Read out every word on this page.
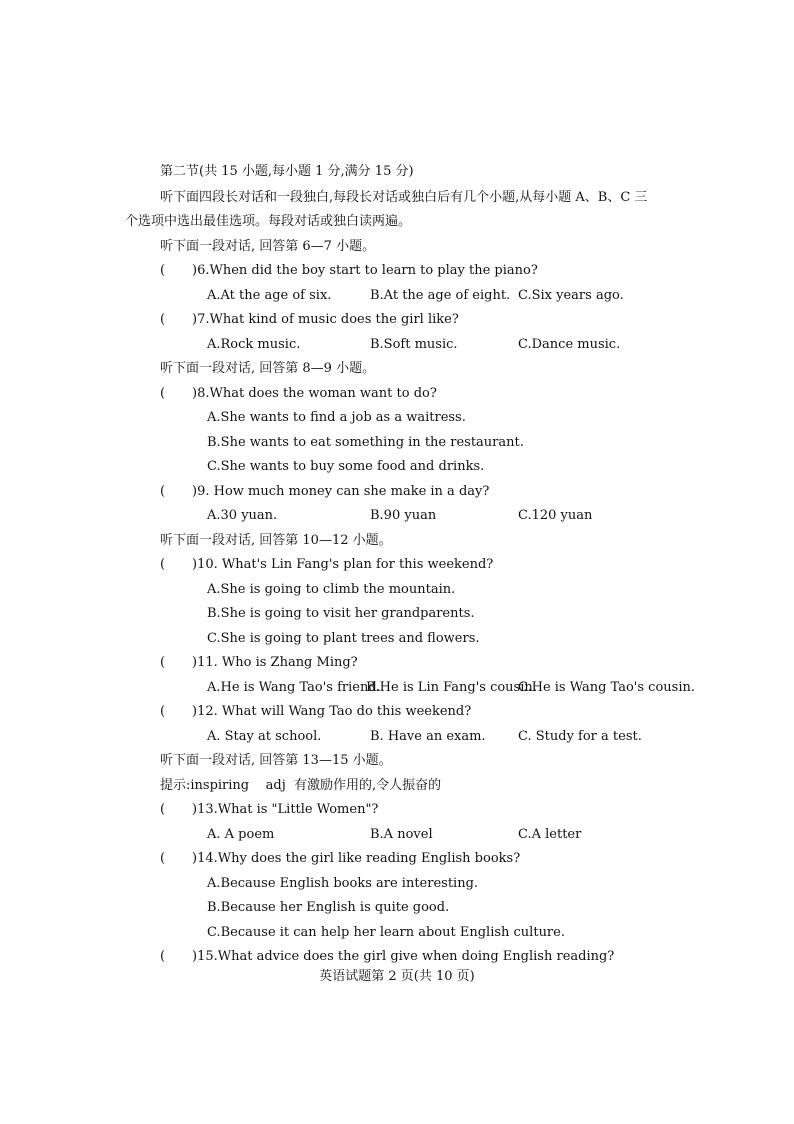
第二节(共 15 小题,每小题 1 分,满分 15 分)
听下面四段长对话和一段独白,每段长对话或独白后有几个小题,从每小题 A、B、C 三
个选项中选出最佳选项。每段对话或独白读两遍。
听下面一段对话, 回答第 6—7 小题。
( )6.When did the boy start to learn to play the piano?
A.At the age of six.	B.At the age of eight. C.Six years ago.
( )7.What kind of music does the girl like?
A.Rock music.	B.Soft music.	C.Dance music.
听下面一段对话, 回答第 8—9 小题。
( )8.What does the woman want to do?
A.She wants to find a job as a waitress.
B.She wants to eat something in the restaurant.
C.She wants to buy some food and drinks.
( )9. How much money can she make in a day?
A.30 yuan.	B.90 yuan	C.120 yuan
听下面一段对话, 回答第 10—12 小题。
( )10. What's Lin Fang's plan for this weekend?
A.She is going to climb the mountain.
B.She is going to visit her grandparents.
C.She is going to plant trees and flowers.
( )11. Who is Zhang Ming?
A.He is Wang Tao's friend.
B.He is Lin Fang's cousin.
C.He is Wang Tao's cousin.
( )12. What will Wang Tao do this weekend?
A. Stay at school.	B. Have an exam. C. Study for a test.
听下面一段对话, 回答第 13—15 小题。
提示:inspiring    adj  有激励作用的,令人振奋的
( )13.What is "Little Women"?
A. A poem	B.A novel	C.A letter
( )14.Why does the girl like reading English books?
A.Because English books are interesting.
B.Because her English is quite good.
C.Because it can help her learn about English culture.
( )15.What advice does the girl give when doing English reading?
英语试题第 2 页(共 10 页)
